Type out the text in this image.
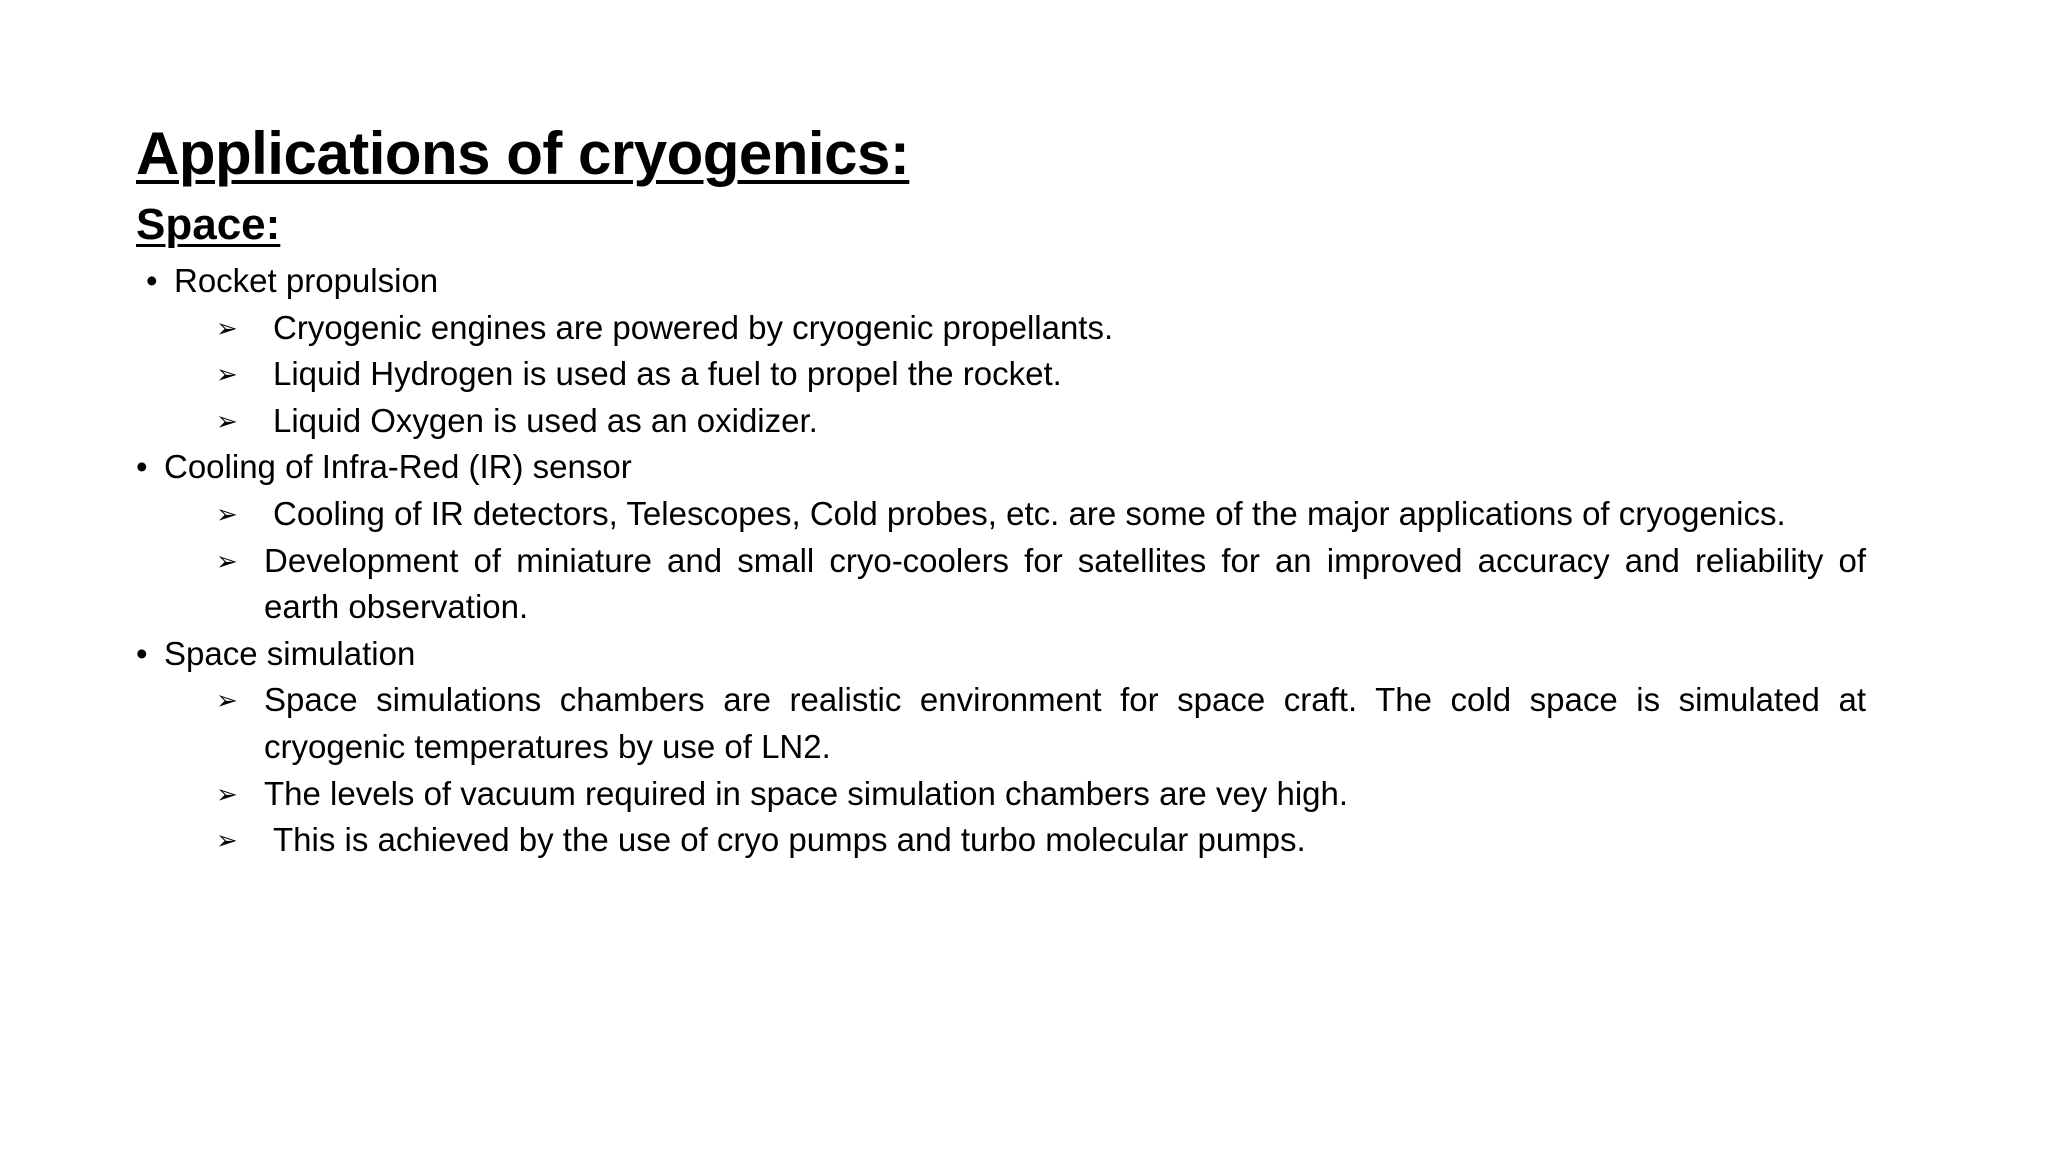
Applications of cryogenics:
Space:
• Rocket propulsion
➢ Cryogenic engines are powered by cryogenic propellants.
➢ Liquid Hydrogen is used as a fuel to propel the rocket.
➢ Liquid Oxygen is used as an oxidizer.
• Cooling of Infra-Red (IR) sensor
➢ Cooling of IR detectors, Telescopes, Cold probes, etc. are some of the major applications of cryogenics.
➢ Development of miniature and small cryo-coolers for satellites for an improved accuracy and reliability of earth observation.
• Space simulation
➢ Space simulations chambers are realistic environment for space craft. The cold space is simulated at cryogenic temperatures by use of LN2.
➢ The levels of vacuum required in space simulation chambers are vey high.
➢ This is achieved by the use of cryo pumps and turbo molecular pumps.
